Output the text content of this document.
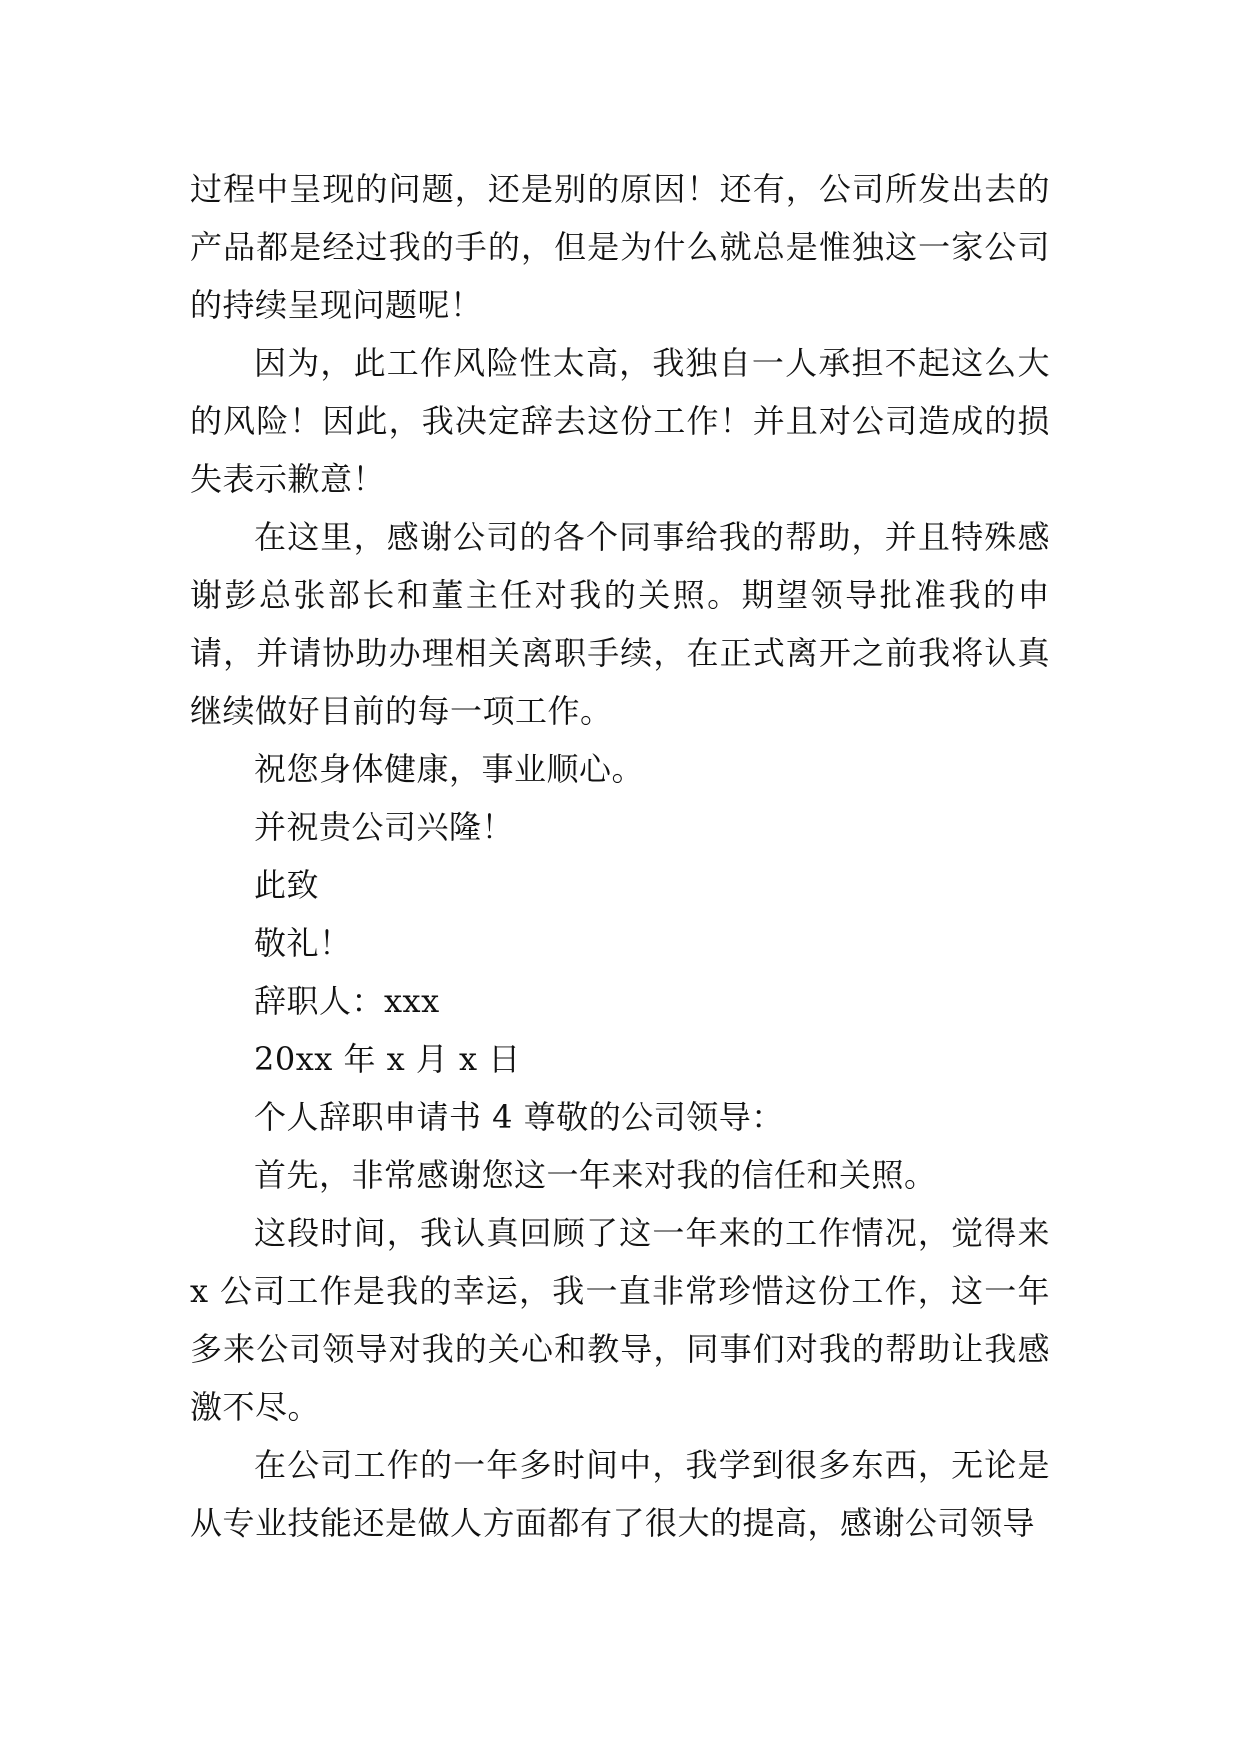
过程中呈现的问题，还是别的原因！还有，公司所发出去的产品都是经过我的手的，但是为什么就总是惟独这一家公司的持续呈现问题呢！

因为，此工作风险性太高，我独自一人承担不起这么大的风险！因此，我决定辞去这份工作！并且对公司造成的损失表示歉意！

在这里，感谢公司的各个同事给我的帮助，并且特殊感谢彭总张部长和董主任对我的关照。期望领导批准我的申请，并请协助办理相关离职手续，在正式离开之前我将认真继续做好目前的每一项工作。

祝您身体健康，事业顺心。

并祝贵公司兴隆！

此致

敬礼！

辞职人：xxx

20xx 年 x 月 x 日

个人辞职申请书 4 尊敬的公司领导：

首先，非常感谢您这一年来对我的信任和关照。

这段时间，我认真回顾了这一年来的工作情况，觉得来 x 公司工作是我的幸运，我一直非常珍惜这份工作，这一年多来公司领导对我的关心和教导，同事们对我的帮助让我感激不尽。

在公司工作的一年多时间中，我学到很多东西，无论是从专业技能还是做人方面都有了很大的提高，感谢公司领导
